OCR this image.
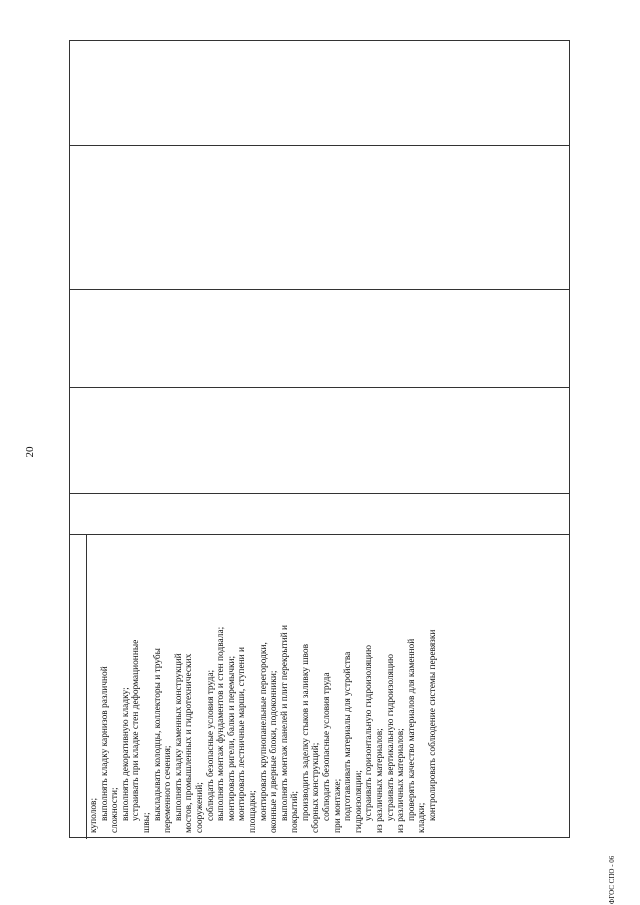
20
куполов; выполнять кладку карнизов различной сложности; выполнять декоративную кладку; устраивать при кладке стен деформационные
швы;
выкладывать колодцы, коллекторы и трубы переменного сечения; выполнять кладку каменных конструкций мостов, промышленных и гидротехнических сооружений; соблюдать безопасные условия труда; выполнять монтаж фундаментов и стен подвала; монтировать ригели, балки и перемычки; монтировать лестничные марши, ступени и площадки; монтировать крупнопанельные перегородки, оконные и дверные блоки, подоконники; выполнять монтаж панелей и плит перекрытий и покрытий; производить заделку стыков и заливку швов сборных конструкций; соблюдать безопасные условия труда при монтаже; подготавливать материалы для устройства гидроизоляции; устраивать горизонтальную гидроизоляцию из различных материалов; устраивать вертикальную гидроизоляцию из различных материалов; проверять качество материалов для каменной кладки; контролировать соблюдение системы перевязки
ФГОС СПО - 06
